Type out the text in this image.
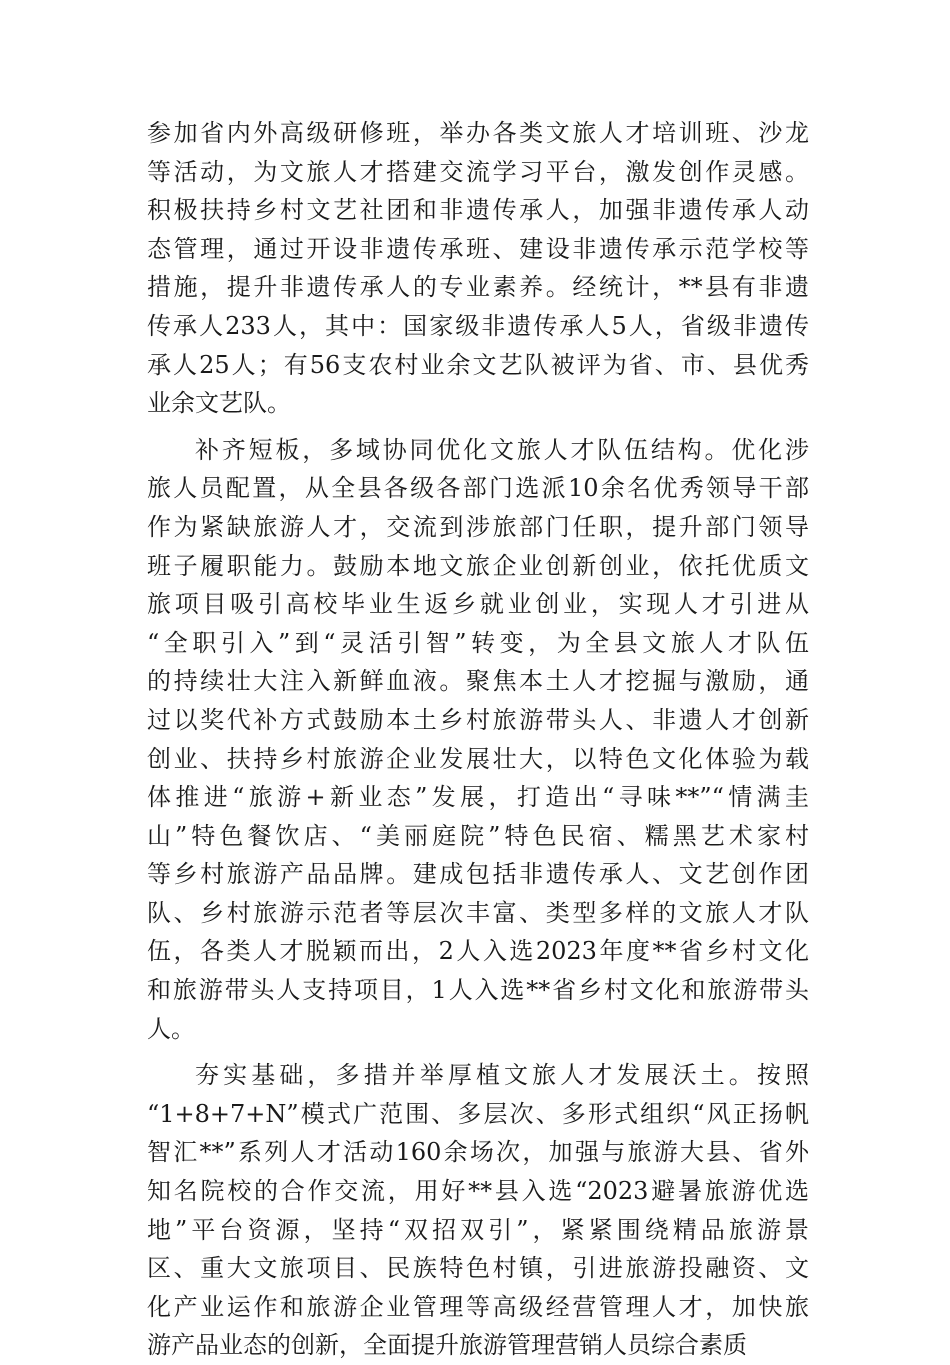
参加省内外高级研修班，举办各类文旅人才培训班、沙龙
等活动，为文旅人才搭建交流学习平台，激发创作灵感。
积极扶持乡村文艺社团和非遗传承人，加强非遗传承人动
态管理，通过开设非遗传承班、建设非遗传承示范学校等
措施，提升非遗传承人的专业素养。经统计，**县有非遗
传承人233人，其中：国家级非遗传承人5人，省级非遗传
承人25人；有56支农村业余文艺队被评为省、市、县优秀
业余文艺队。
补齐短板，多域协同优化文旅人才队伍结构。优化涉
旅人员配置，从全县各级各部门选派10余名优秀领导干部
作为紧缺旅游人才，交流到涉旅部门任职，提升部门领导
班子履职能力。鼓励本地文旅企业创新创业，依托优质文
旅项目吸引高校毕业生返乡就业创业，实现人才引进从
“全职引入”到“灵活引智”转变，为全县文旅人才队伍
的持续壮大注入新鲜血液。聚焦本土人才挖掘与激励，通
过以奖代补方式鼓励本土乡村旅游带头人、非遗人才创新
创业、扶持乡村旅游企业发展壮大，以特色文化体验为载
体推进“旅游+新业态”发展，打造出“寻味**”“情满圭
山”特色餐饮店、“美丽庭院”特色民宿、糯黑艺术家村
等乡村旅游产品品牌。建成包括非遗传承人、文艺创作团
队、乡村旅游示范者等层次丰富、类型多样的文旅人才队
伍，各类人才脱颖而出，2人入选2023年度**省乡村文化
和旅游带头人支持项目，1人入选**省乡村文化和旅游带头
人。
夯实基础，多措并举厚植文旅人才发展沃土。按照
“1+8+7+N”模式广范围、多层次、多形式组织“风正扬帆
智汇**”系列人才活动160余场次，加强与旅游大县、省外
知名院校的合作交流，用好**县入选“2023避暑旅游优选
地”平台资源，坚持“双招双引”，紧紧围绕精品旅游景
区、重大文旅项目、民族特色村镇，引进旅游投融资、文
化产业运作和旅游企业管理等高级经营管理人才，加快旅
游产品业态的创新，全面提升旅游管理营销人员综合素质
